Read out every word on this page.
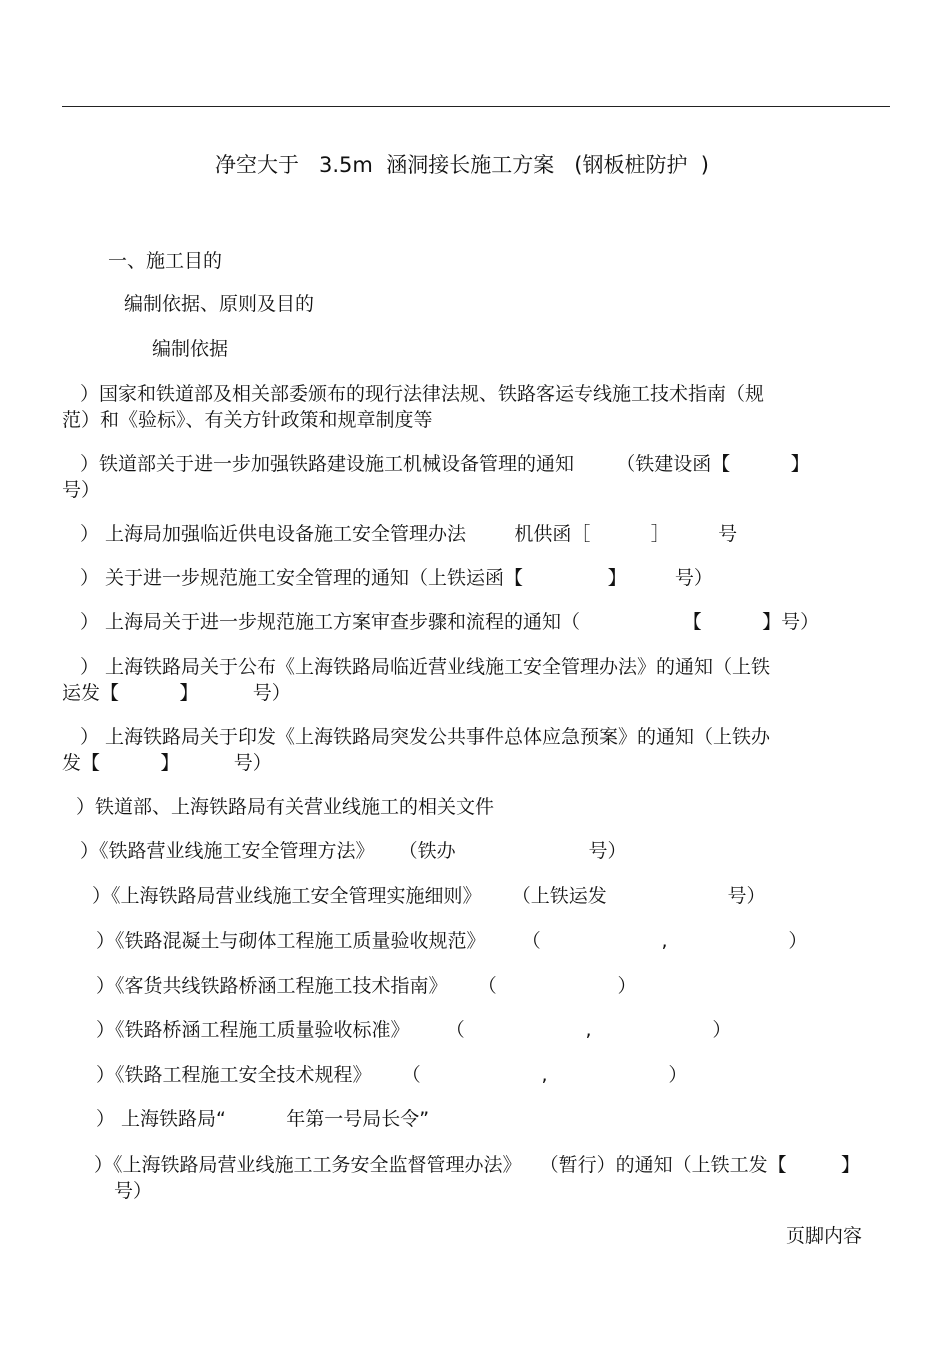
净空大于   3.5m  涵洞接长施工方案   (钢板桩防护  )
一、施工目的
编制依据、原则及目的
编制依据
）国家和铁道部及相关部委颁布的现行法律法规、铁路客运专线施工技术指南（规
范）和《验标》、有关方针政策和规章制度等
）铁道部关于进一步加强铁路建设施工机械设备管理的通知       （铁建设函【          】
号）
） 上海局加强临近供电设备施工安全管理办法        机供函［          ］        号
） 关于进一步规范施工安全管理的通知（上铁运函【              】        号）
） 上海局关于进一步规范施工方案审查步骤和流程的通知（                 【          】号）
） 上海铁路局关于公布《上海铁路局临近营业线施工安全管理办法》的通知（上铁
运发【          】         号）
） 上海铁路局关于印发《上海铁路局突发公共事件总体应急预案》的通知（上铁办
发【          】         号）
）铁道部、上海铁路局有关营业线施工的相关文件
）《铁路营业线施工安全管理方法》    （铁办                      号）
）《上海铁路局营业线施工安全管理实施细则》     （上铁运发                    号）
）《铁路混凝土与砌体工程施工质量验收规范》      （                    ,                    ）
）《客货共线铁路桥涵工程施工技术指南》     （                    ）
）《铁路桥涵工程施工质量验收标准》      （                    ,                    ）
）《铁路工程施工安全技术规程》     （                    ,                    ）
） 上海铁路局“          年第一号局长令”
）《上海铁路局营业线施工工务安全监督管理办法》   （暂行）的通知（上铁工发【         】
号）
页脚内容
